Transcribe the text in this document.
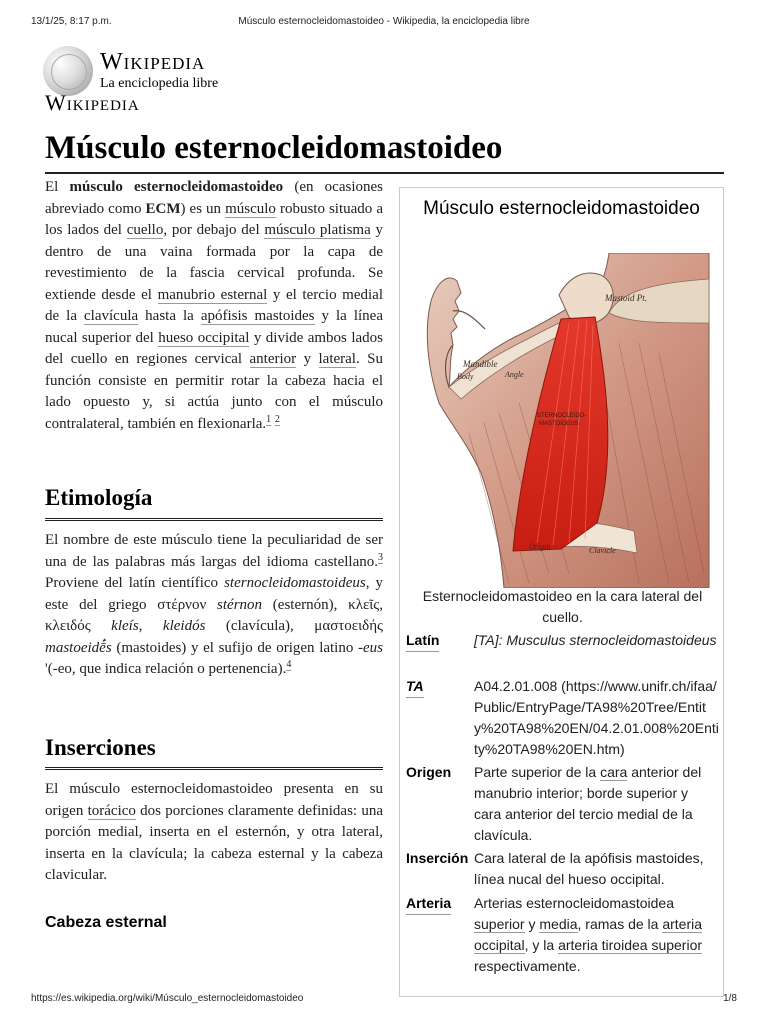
13/1/25, 8:17 p.m.	Músculo esternocleidomastoideo - Wikipedia, la enciclopedia libre
Wikipedia
La enciclopedia libre
Wikipedia
Músculo esternocleidomastoideo

El músculo esternocleidomastoideo (en ocasiones abreviado como ECM) es un músculo robusto situado a los lados del cuello, por debajo del músculo platisma y dentro de una vaina formada por la capa de revestimiento de la fascia cervical profunda. Se extiende desde el manubrio esternal y el tercio medial de la clavícula hasta la apófisis mastoides y la línea nucal superior del hueso occipital y divide ambos lados del cuello en regiones cervical anterior y lateral. Su función consiste en permitir rotar la cabeza hacia el lado opuesto y, si actúa junto con el músculo contralateral, también en flexionarla.$^1$ $^2$

Etimología

El nombre de este músculo tiene la peculiaridad de ser una de las palabras más largas del idioma castellano.$^3$ Proviene del latín científico sternocleidomastoideus, y este del griego στέρνον stérnon (esternón), κλεῖς, κλειδός kleís, kleidós (clavícula), μαστοειδής mastoeidḗ́s (mastoides) y el sufijo de origen latino -eus '(-eo, que indica relación o pertenencia).$^4$

Inserciones

El músculo esternocleidomastoideo presenta en su origen torácico dos porciones claramente definidas: una porción medial, inserta en el esternón, y otra lateral, inserta en la clavícula; la cabeza esternal y la cabeza clavicular.

Cabeza esternal
Músculo esternocleidomastoideo
Mastoid Pt.
Mandible
Body	Angle
STERNOCLEIDO-
MASTOIDEUS
Origin	Clavicle
Esternocleidomastoideo en la cara lateral del cuello.
Latín [TA]: Musculus sternocleidomastoideus
TA	A04.2.01.008 (https://www.unifr.ch/ifaa/Public/EntryPage/TA98%20Tree/Entity%20TA98%20EN/04.2.01.008%20Entity%20TA98%20EN.htm)
Origen Parte superior de la cara anterior del manubrio interior; borde superior y cara anterior del tercio medial de la clavícula.
Inserción Cara lateral de la apófisis mastoides, línea nucal del hueso occipital.
Arteria Arterias esternocleidomastoidea superior y media, ramas de la arteria occipital, y la arteria tiroidea superior respectivamente.
https://es.wikipedia.org/wiki/Músculo_esternocleidomastoideo	1/8
